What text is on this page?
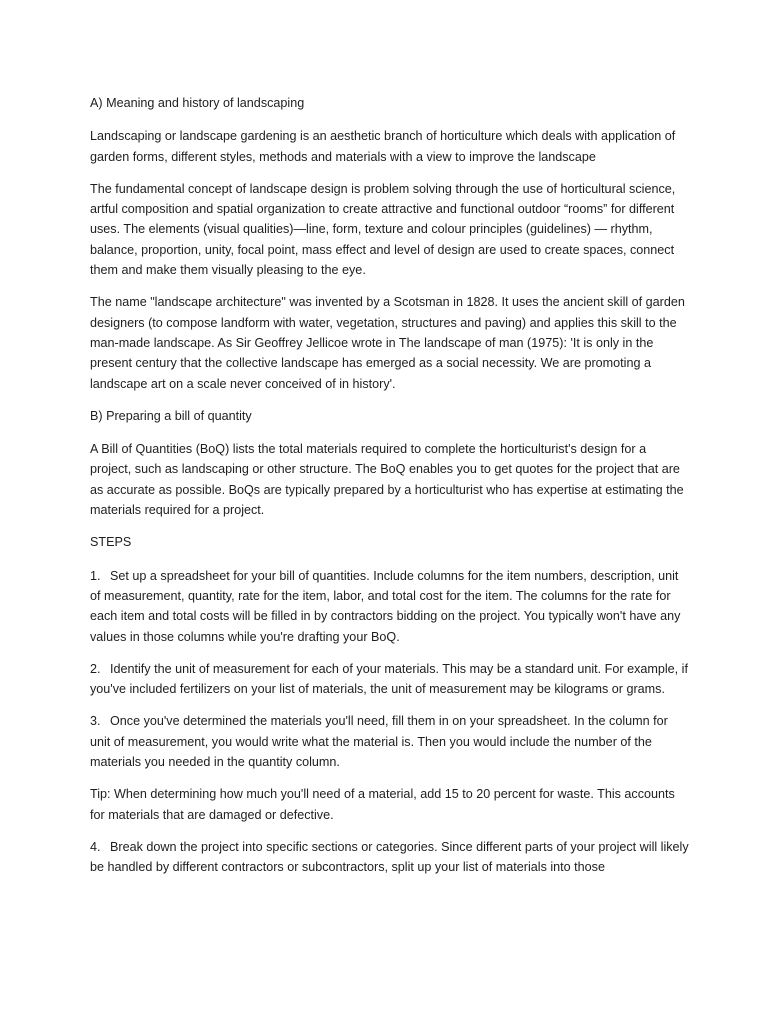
A) Meaning and history of landscaping

Landscaping or landscape gardening is an aesthetic branch of horticulture which deals with application of garden forms, different styles, methods and materials with a view to improve the landscape

The fundamental concept of landscape design is problem solving through the use of horticultural science, artful composition and spatial organization to create attractive and functional outdoor “rooms” for different uses. The elements (visual qualities)—line, form, texture and colour principles (guidelines) — rhythm, balance, proportion, unity, focal point, mass effect and level of design are used to create spaces, connect them and make them visually pleasing to the eye.

The name "landscape architecture" was invented by a Scotsman in 1828. It uses the ancient skill of garden designers (to compose landform with water, vegetation, structures and paving) and applies this skill to the man-made landscape. As Sir Geoffrey Jellicoe wrote in The landscape of man (1975): 'It is only in the present century that the collective landscape has emerged as a social necessity. We are promoting a landscape art on a scale never conceived of in history'.

B) Preparing a bill of quantity

A Bill of Quantities (BoQ) lists the total materials required to complete the horticulturist's design for a project, such as landscaping or other structure. The BoQ enables you to get quotes for the project that are as accurate as possible. BoQs are typically prepared by a horticulturist who has expertise at estimating the materials required for a project.

STEPS

1. Set up a spreadsheet for your bill of quantities. Include columns for the item numbers, description, unit of measurement, quantity, rate for the item, labor, and total cost for the item. The columns for the rate for each item and total costs will be filled in by contractors bidding on the project. You typically won't have any values in those columns while you're drafting your BoQ.

2. Identify the unit of measurement for each of your materials. This may be a standard unit. For example, if you've included fertilizers on your list of materials, the unit of measurement may be kilograms or grams.

3. Once you've determined the materials you'll need, fill them in on your spreadsheet. In the column for unit of measurement, you would write what the material is. Then you would include the number of the materials you needed in the quantity column.

Tip: When determining how much you'll need of a material, add 15 to 20 percent for waste. This accounts for materials that are damaged or defective.

4. Break down the project into specific sections or categories. Since different parts of your project will likely be handled by different contractors or subcontractors, split up your list of materials into those
